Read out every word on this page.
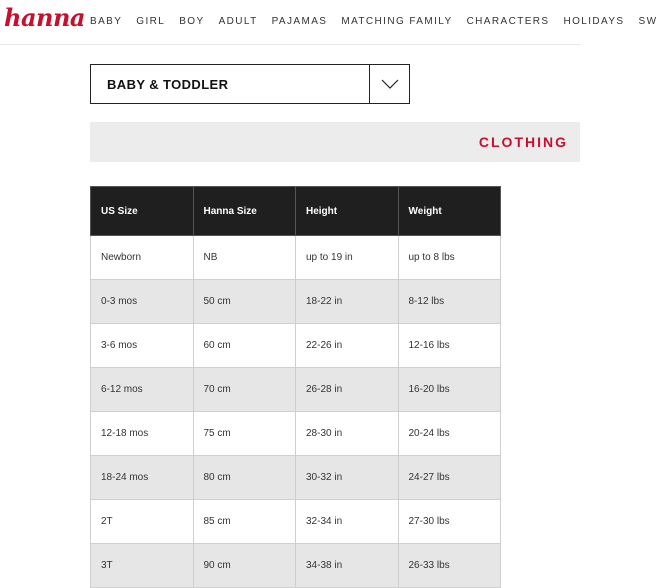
hanna BABY GIRL BOY ADULT PAJAMAS MATCHING FAMILY CHARACTERS HOLIDAYS SW
BABY & TODDLER
CLOTHING
US Size	Hanna Size	Height	Weight
Newborn	NB	up to 19 in	up to 8 lbs
0-3 mos	50 cm	18-22 in	8-12 lbs
3-6 mos	60 cm	22-26 in	12-16 lbs
6-12 mos	70 cm	26-28 in	16-20 lbs
12-18 mos	75 cm	28-30 in	20-24 lbs
18-24 mos	80 cm	30-32 in	24-27 lbs
2T	85 cm	32-34 in	27-30 lbs
3T	90 cm	34-38 in	26-33 lbs
